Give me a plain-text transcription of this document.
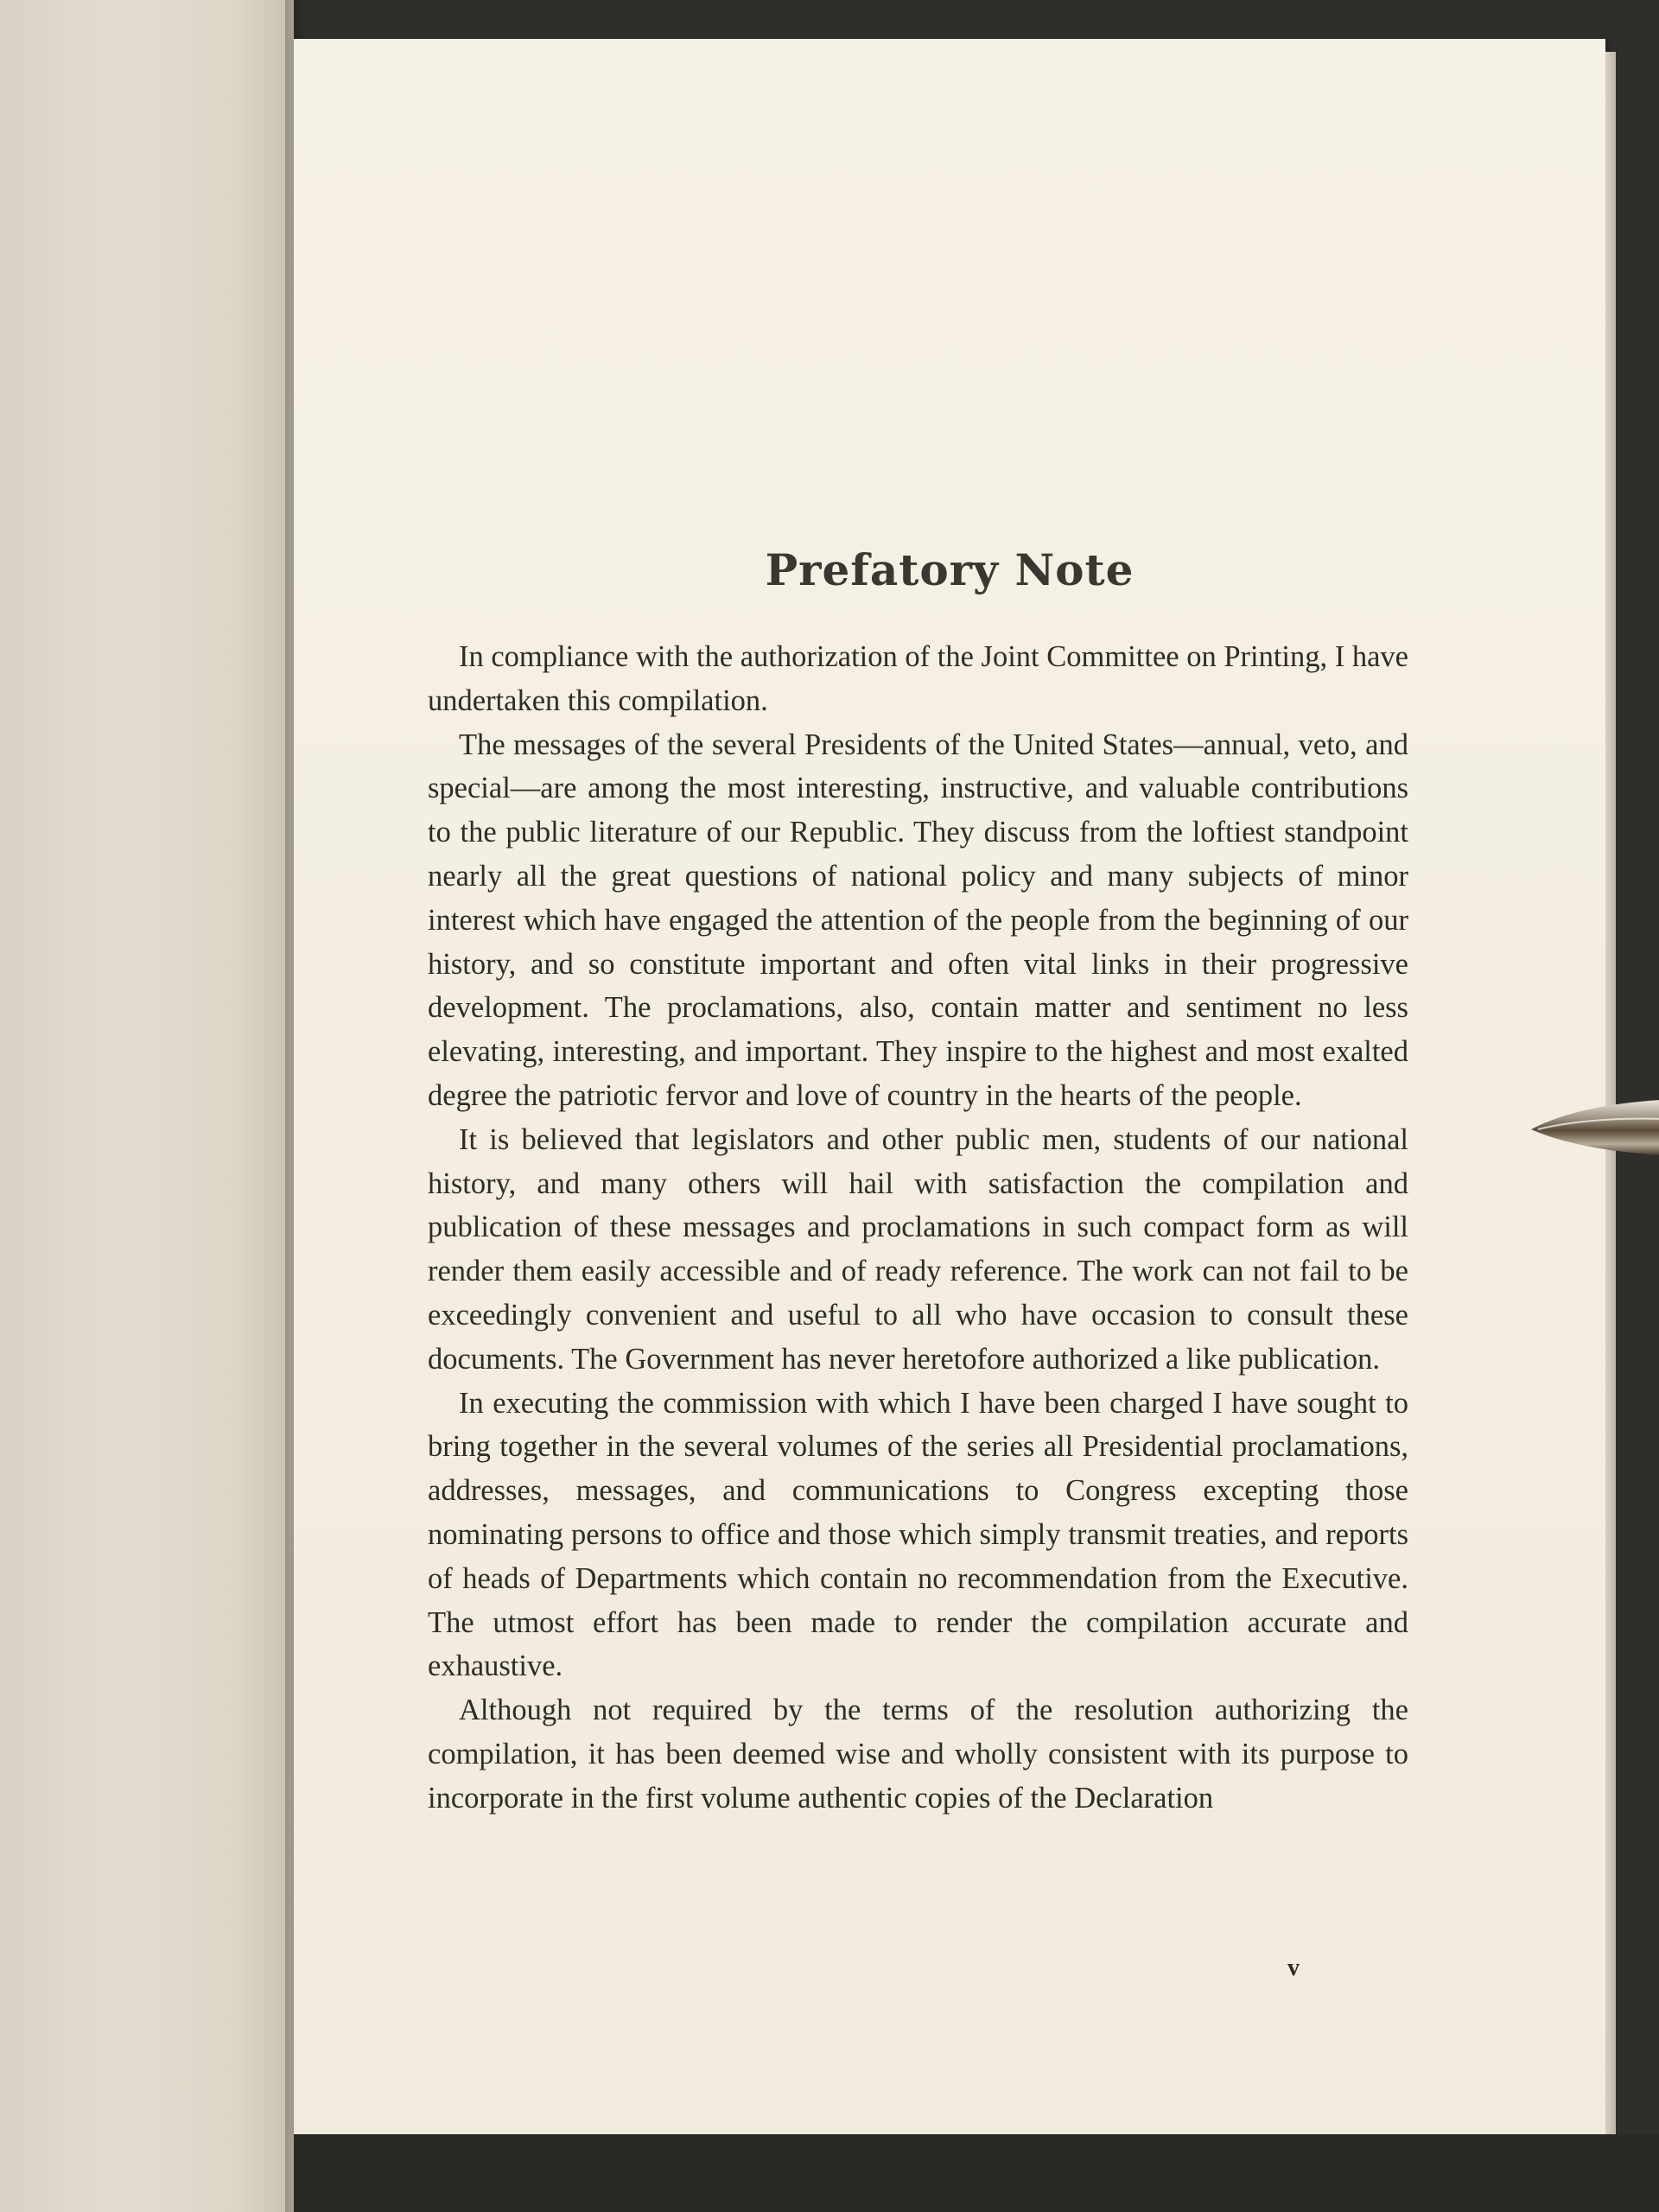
Prefatory Note

In compliance with the authorization of the Joint Committee on Printing, I have undertaken this compilation.

The messages of the several Presidents of the United States—annual, veto, and special—are among the most interesting, instructive, and valuable contributions to the public literature of our Republic. They discuss from the loftiest standpoint nearly all the great questions of national policy and many subjects of minor interest which have engaged the attention of the people from the beginning of our history, and so constitute important and often vital links in their progressive development. The proclamations, also, contain matter and sentiment no less elevating, interesting, and important. They inspire to the highest and most exalted degree the patriotic fervor and love of country in the hearts of the people.

It is believed that legislators and other public men, students of our national history, and many others will hail with satisfaction the compilation and publication of these messages and proclamations in such compact form as will render them easily accessible and of ready reference. The work can not fail to be exceedingly convenient and useful to all who have occasion to consult these documents. The Government has never heretofore authorized a like publication.

In executing the commission with which I have been charged I have sought to bring together in the several volumes of the series all Presidential proclamations, addresses, messages, and communications to Congress excepting those nominating persons to office and those which simply transmit treaties, and reports of heads of Departments which contain no recommendation from the Executive. The utmost effort has been made to render the compilation accurate and exhaustive.

Although not required by the terms of the resolution authorizing the compilation, it has been deemed wise and wholly consistent with its purpose to incorporate in the first volume authentic copies of the Declaration

v
